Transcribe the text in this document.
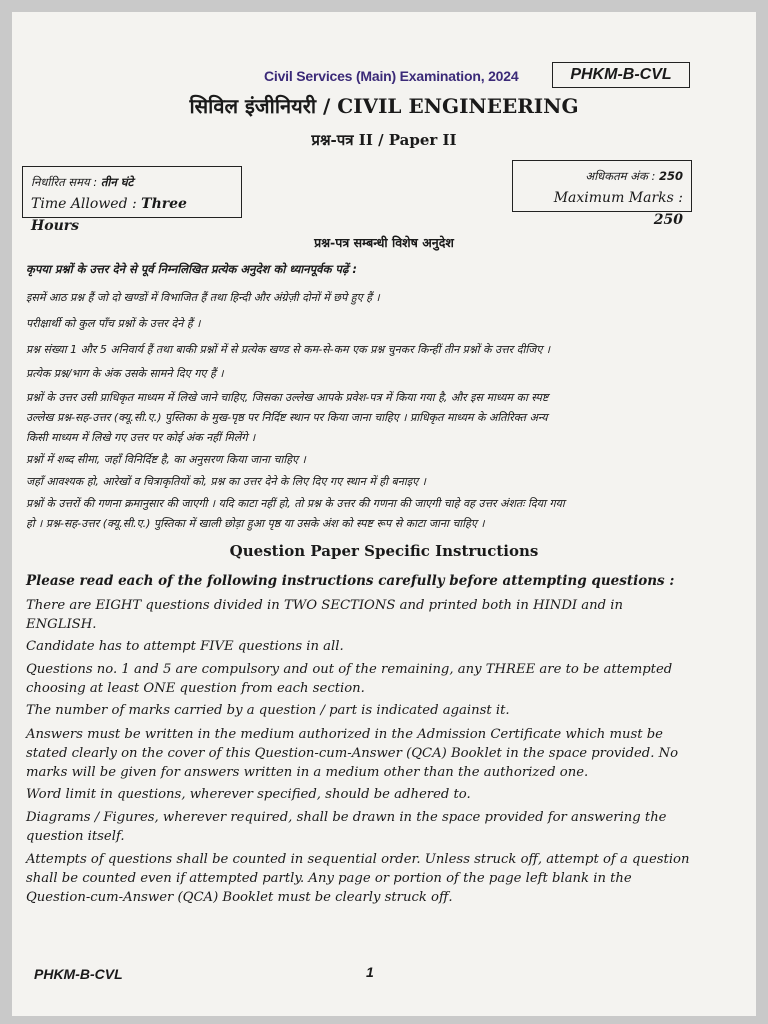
Civil Services (Main) Examination, 2024	PHKM-B-CVL
सिविल इंजीनियरी / CIVIL ENGINEERING
प्रश्न-पत्र II / Paper II
निर्धारित समय : तीन घंटे
Time Allowed : Three Hours
अधिकतम अंक : 250
Maximum Marks : 250
प्रश्न-पत्र सम्बन्धी विशेष अनुदेश
कृपया प्रश्नों के उत्तर देने से पूर्व निम्नलिखित प्रत्येक अनुदेश को ध्यानपूर्वक पढ़ें :
इसमें आठ प्रश्न हैं जो दो खण्डों में विभाजित हैं तथा हिन्दी और अंग्रेज़ी दोनों में छपे हुए हैं ।
परीक्षार्थी को कुल पाँच प्रश्नों के उत्तर देने हैं ।
प्रश्न संख्या 1 और 5 अनिवार्य हैं तथा बाकी प्रश्नों में से प्रत्येक खण्ड से कम-से-कम एक प्रश्न चुनकर किन्हीं तीन प्रश्नों के उत्तर दीजिए ।
प्रत्येक प्रश्न/भाग के अंक उसके सामने दिए गए हैं ।
प्रश्नों के उत्तर उसी प्राधिकृत माध्यम में लिखे जाने चाहिए, जिसका उल्लेख आपके प्रवेश-पत्र में किया गया है, और इस माध्यम का स्पष्ट
उल्लेख प्रश्न-सह-उत्तर (क्यू.सी.ए.) पुस्तिका के मुख-पृष्ठ पर निर्दिष्ट स्थान पर किया जाना चाहिए । प्राधिकृत माध्यम के अतिरिक्त अन्य
किसी माध्यम में लिखे गए उत्तर पर कोई अंक नहीं मिलेंगे ।
प्रश्नों में शब्द सीमा, जहाँ विनिर्दिष्ट है, का अनुसरण किया जाना चाहिए ।
जहाँ आवश्यक हो, आरेखों व चित्राकृतियों को, प्रश्न का उत्तर देने के लिए दिए गए स्थान में ही बनाइए ।
प्रश्नों के उत्तरों की गणना क्रमानुसार की जाएगी । यदि काटा नहीं हो, तो प्रश्न के उत्तर की गणना की जाएगी चाहे वह उत्तर अंशतः दिया गया
हो । प्रश्न-सह-उत्तर (क्यू.सी.ए.) पुस्तिका में खाली छोड़ा हुआ पृष्ठ या उसके अंश को स्पष्ट रूप से काटा जाना चाहिए ।
Question Paper Specific Instructions
Please read each of the following instructions carefully before attempting questions :
There are EIGHT questions divided in TWO SECTIONS and printed both in HINDI and in
ENGLISH.
Candidate has to attempt FIVE questions in all.
Questions no. 1 and 5 are compulsory and out of the remaining, any THREE are to be attempted
choosing at least ONE question from each section.
The number of marks carried by a question / part is indicated against it.
Answers must be written in the medium authorized in the Admission Certificate which must be
stated clearly on the cover of this Question-cum-Answer (QCA) Booklet in the space provided. No
marks will be given for answers written in a medium other than the authorized one.
Word limit in questions, wherever specified, should be adhered to.
Diagrams / Figures, wherever required, shall be drawn in the space provided for answering the
question itself.
Attempts of questions shall be counted in sequential order. Unless struck off, attempt of a question
shall be counted even if attempted partly. Any page or portion of the page left blank in the
Question-cum-Answer (QCA) Booklet must be clearly struck off.
PHKM-B-CVL	1
